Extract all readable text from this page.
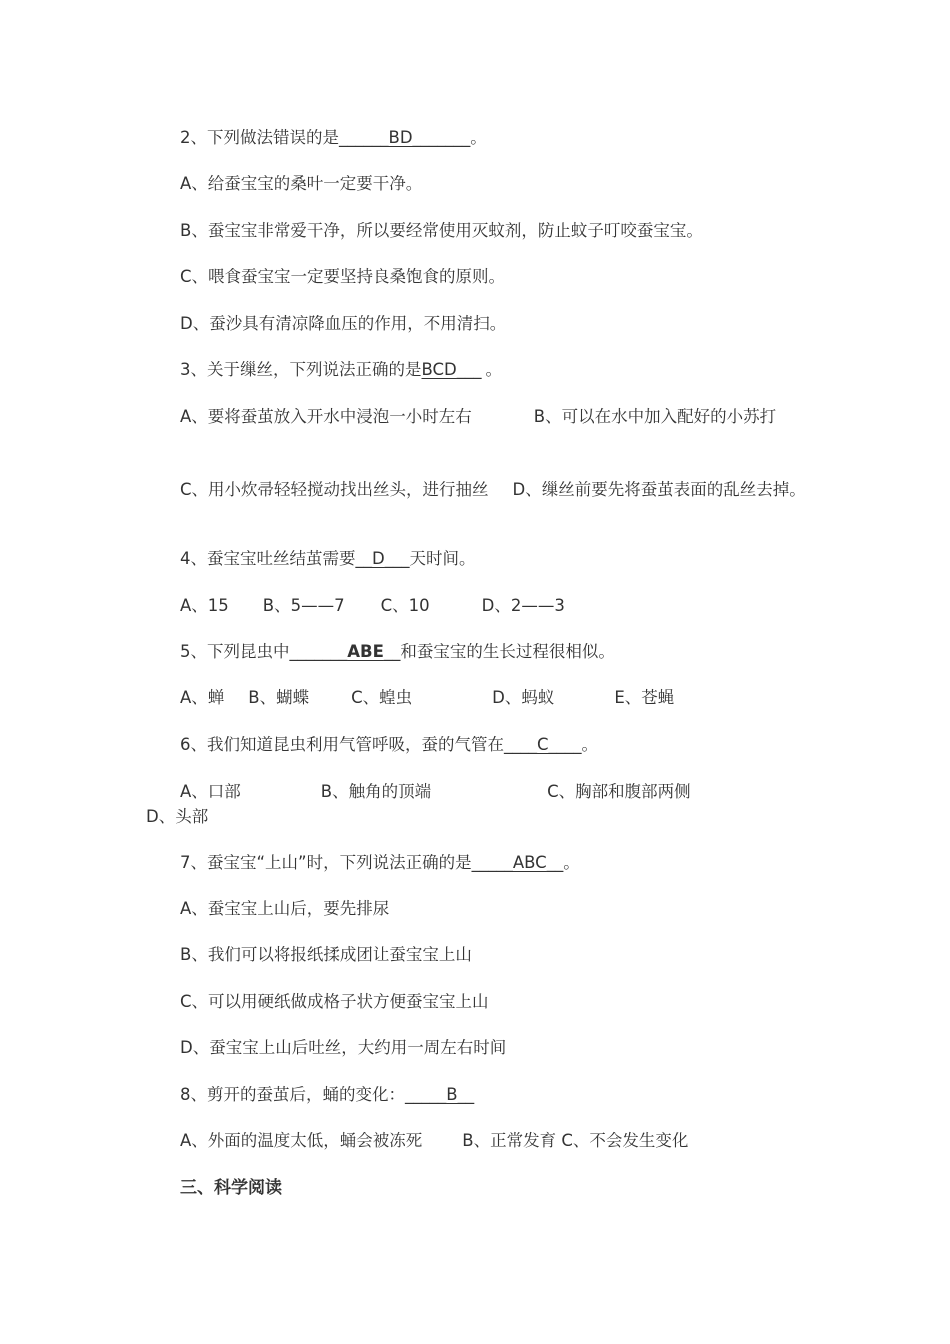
2、下列做法错误的是______BD_______。
A、给蚕宝宝的桑叶一定要干净。
B、蚕宝宝非常爱干净，所以要经常使用灭蚊剂，防止蚊子叮咬蚕宝宝。
C、喂食蚕宝宝一定要坚持良桑饱食的原则。
D、蚕沙具有清凉降血压的作用，不用清扫。
3、关于缫丝，下列说法正确的是BCD___ 。
A、要将蚕茧放入开水中浸泡一小时左右	B、可以在水中加入配好的小苏打
C、用小炊帚轻轻搅动找出丝头，进行抽丝 D、缫丝前要先将蚕茧表面的乱丝去掉。
4、蚕宝宝吐丝结茧需要__D___天时间。
A、15 B、5——7 C、10	D、2——3
5、下列昆虫中_______ABE__和蚕宝宝的生长过程很相似。
A、蝉 B、蝴蝶	C、蝗虫	D、蚂蚁	E、苍蝇
6、我们知道昆虫利用气管呼吸，蚕的气管在____C____。
A、口部	B、触角的顶端	C、胸部和腹部两侧D、头部
7、蚕宝宝“上山”时，下列说法正确的是_____ABC__。
A、蚕宝宝上山后，要先排尿
B、我们可以将报纸揉成团让蚕宝宝上山
C、可以用硬纸做成格子状方便蚕宝宝上山
D、蚕宝宝上山后吐丝，大约用一周左右时间
8、剪开的蚕茧后，蛹的变化：_____B__
A、外面的温度太低，蛹会被冻死 B、正常发育 C、不会发生变化
三、科学阅读
